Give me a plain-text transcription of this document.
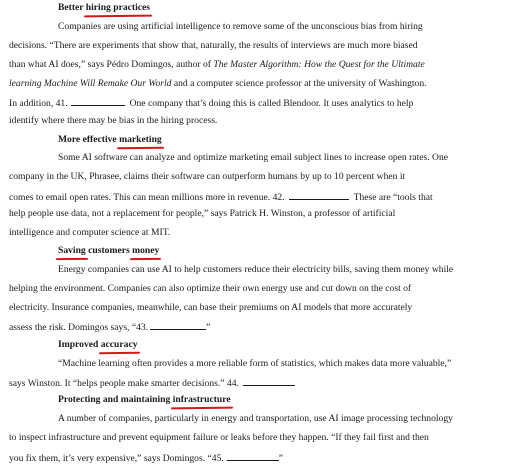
Better hiring practices
Companies are using artificial intelligence to remove some of the unconscious bias from hiring
decisions. “There are experiments that show that, naturally, the results of interviews are much more biased
than what AI does,” says Pédro Domingos, author of The Master Algorithm: How the Quest for the Ultimate
learning Machine Will Remake Our World and a computer science professor at the university of Washington.
In addition, 41.	One company that’s doing this is called Blendoor. It uses analytics to help
identify where there may be bias in the hiring process.
More effective marketing
Some AI software can analyze and optimize marketing email subject lines to increase open rates. One
company in the UK, Phrasee, claims their software can outperform humans by up to 10 percent when it
comes to email open rates. This can mean millions more in revenue. 42.	These are “tools that
help people use data, not a replacement for people,” says Patrick H. Winston, a professor of artificial
intelligence and computer science at MIT.
Saving customers money
Energy companies can use AI to help customers reduce their electricity bills, saving them money while
helping the environment. Companies can also optimize their own energy use and cut down on the cost of
electricity. Insurance companies, meanwhile, can base their premiums on AI models that more accurately
assess the risk. Domingos says, “43.	”
Improved accuracy
“Machine learning often provides a more reliable form of statistics, which makes data more valuable,”
says Winston. It “helps people make smarter decisions.” 44.
Protecting and maintaining infrastructure
A number of companies, particularly in energy and transportation, use AI image processing technology
to inspect infrastructure and prevent equipment failure or leaks before they happen. “If they fail first and then
you fix them, it’s very expensive,” says Domingos. “45.	”
